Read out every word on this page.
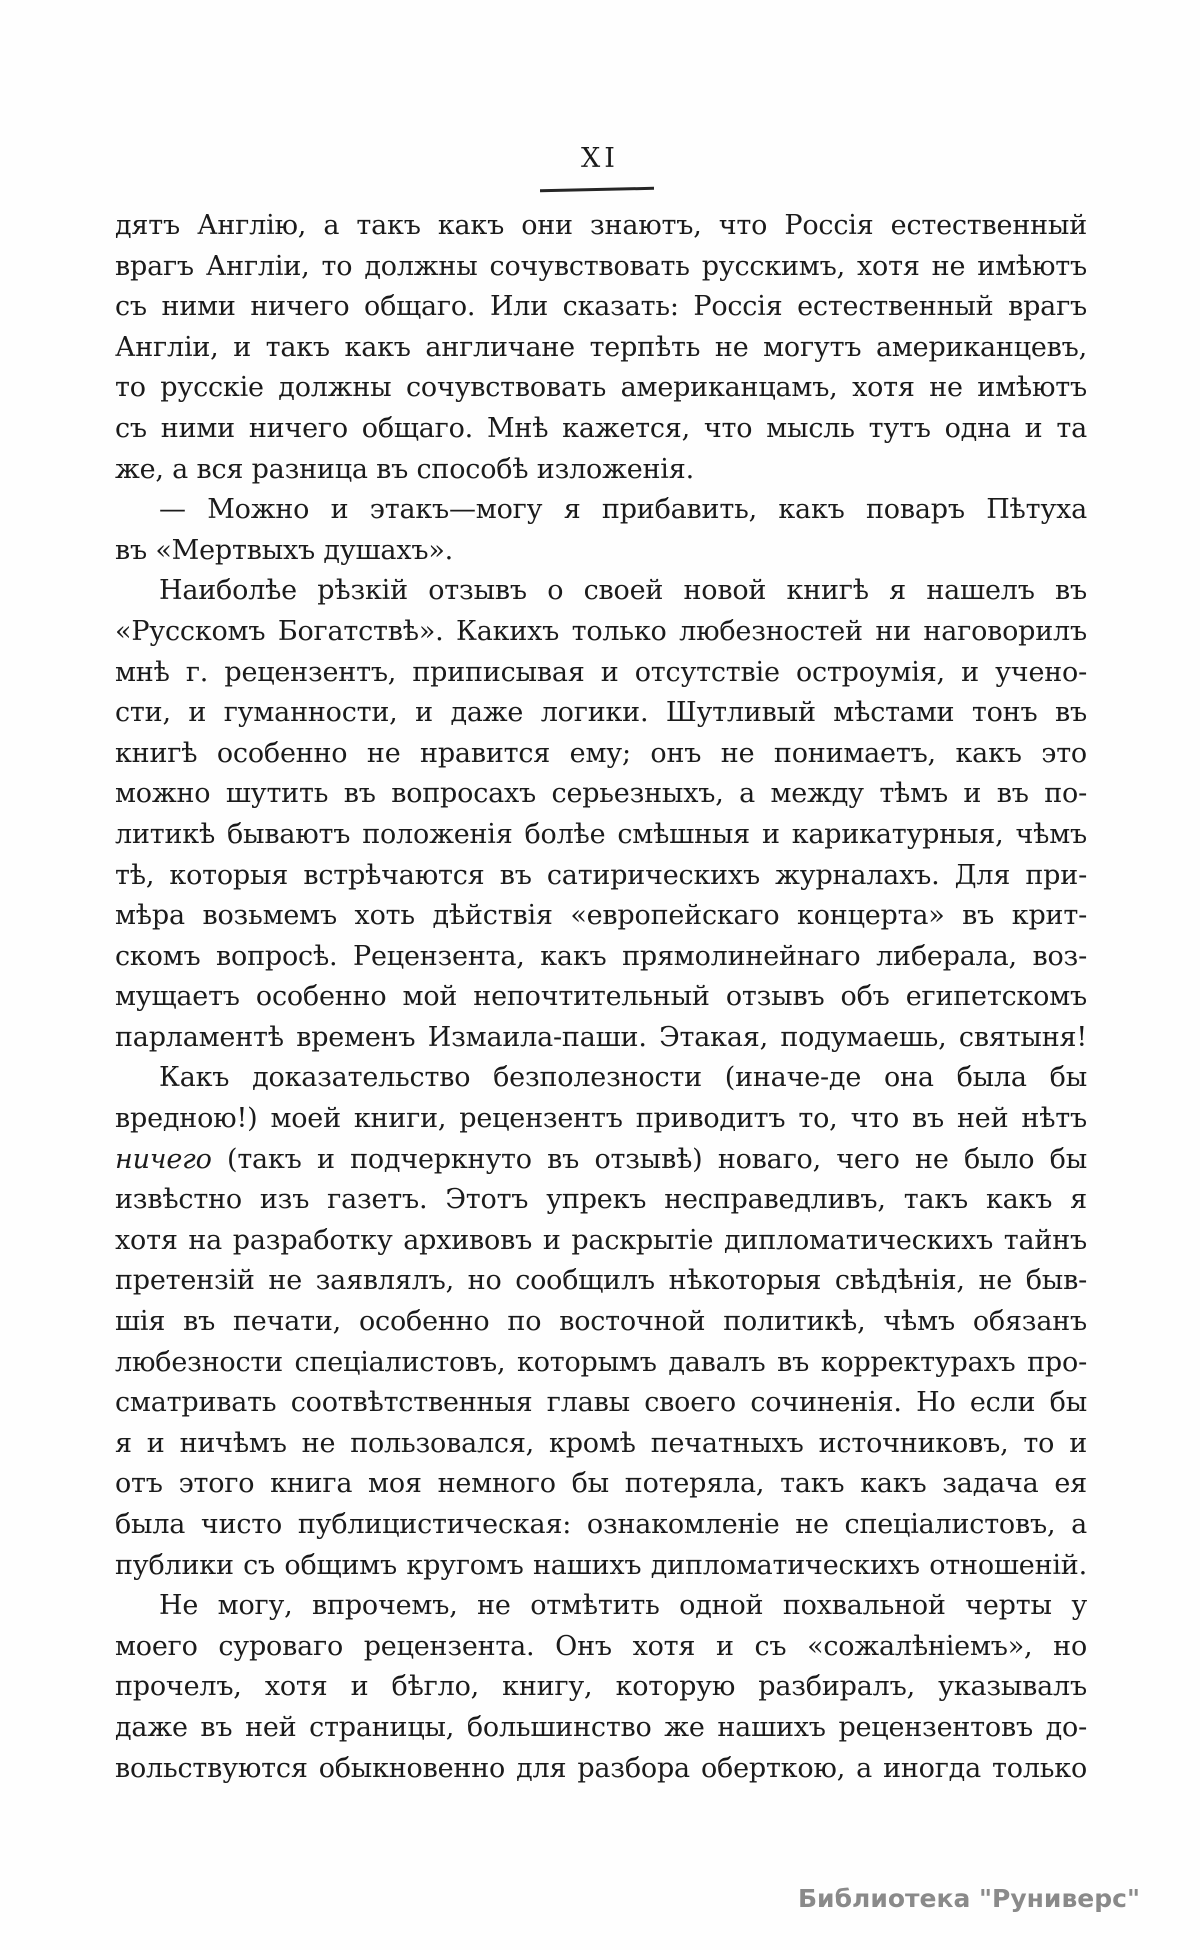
XI
дятъ Англію, а такъ какъ они знаютъ, что Россія естественный
врагъ Англіи, то должны сочувствовать русскимъ, хотя не имѣютъ
съ ними ничего общаго. Или сказать: Россія естественный врагъ
Англіи, и такъ какъ англичане терпѣть не могутъ американцевъ,
то русскіе должны сочувствовать американцамъ, хотя не имѣютъ
съ ними ничего общаго. Мнѣ кажется, что мысль тутъ одна и та
же, а вся разница въ способѣ изложенія.
— Можно и этакъ—могу я прибавить, какъ поваръ Пѣтуха
въ «Мертвыхъ душахъ».
Наиболѣе рѣзкій отзывъ о своей новой книгѣ я нашелъ въ
«Русскомъ Богатствѣ». Какихъ только любезностей ни наговорилъ
мнѣ г. рецензентъ, приписывая и отсутствіе остроумія, и учено-
сти, и гуманности, и даже логики. Шутливый мѣстами тонъ въ
книгѣ особенно не нравится ему; онъ не понимаетъ, какъ это
можно шутить въ вопросахъ серьезныхъ, а между тѣмъ и въ по-
литикѣ бываютъ положенія болѣе смѣшныя и карикатурныя, чѣмъ
тѣ, которыя встрѣчаются въ сатирическихъ журналахъ. Для при-
мѣра возьмемъ хоть дѣйствія «европейскаго концерта» въ крит-
скомъ вопросѣ. Рецензента, какъ прямолинейнаго либерала, воз-
мущаетъ особенно мой непочтительный отзывъ объ египетскомъ
парламентѣ временъ Измаила-паши. Этакая, подумаешь, святыня!
Какъ доказательство безполезности (иначе-де она была бы
вредною!) моей книги, рецензентъ приводитъ то, что въ ней нѣтъ
ничего (такъ и подчеркнуто въ отзывѣ) новаго, чего не было бы
извѣстно изъ газетъ. Этотъ упрекъ несправедливъ, такъ какъ я
хотя на разработку архивовъ и раскрытіе дипломатическихъ тайнъ
претензій не заявлялъ, но сообщилъ нѣкоторыя свѣдѣнія, не быв-
шія въ печати, особенно по восточной политикѣ, чѣмъ обязанъ
любезности спеціалистовъ, которымъ давалъ въ корректурахъ про-
сматривать соотвѣтственныя главы своего сочиненія. Но если бы
я и ничѣмъ не пользовался, кромѣ печатныхъ источниковъ, то и
отъ этого книга моя немного бы потеряла, такъ какъ задача ея
была чисто публицистическая: ознакомленіе не спеціалистовъ, а
публики съ общимъ кругомъ нашихъ дипломатическихъ отношеній.
Не могу, впрочемъ, не отмѣтить одной похвальной черты у
моего суроваго рецензента. Онъ хотя и съ «сожалѣніемъ», но
прочелъ, хотя и бѣгло, книгу, которую разбиралъ, указывалъ
даже въ ней страницы, большинство же нашихъ рецензентовъ до-
вольствуются обыкновенно для разбора оберткою, а иногда только
Библиотека "Руниверс"
